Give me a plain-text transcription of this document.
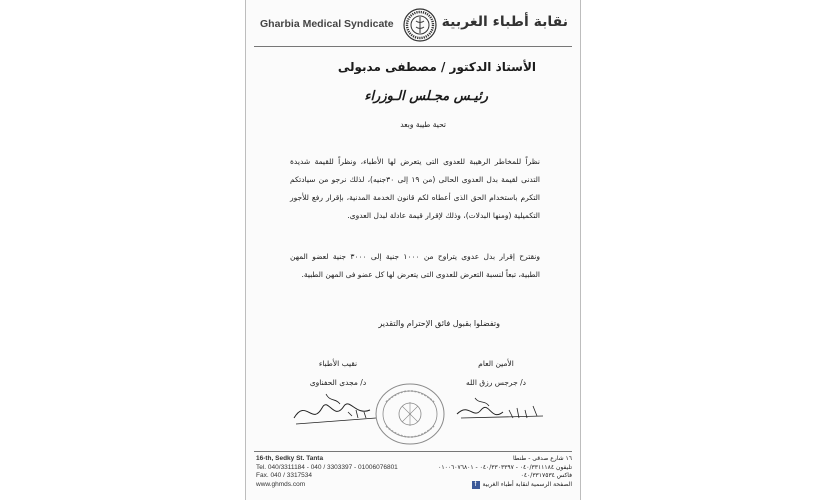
Gharbia Medical Syndicate	نقابة أطباء الغربية
الأستاذ الدكتور / مصطفى مدبولى
رئيـس مجـلس الـوزراء
تحية طيبة وبعد
نظراً للمخاطر الرهيبة للعدوى التى يتعرض لها الأطباء، ونظراً للقيمة شديدة التدنى لقيمة بدل العدوى الحالى (من ١٩ إلى ٣٠جنيه)، لذلك نرجو من سيادتكم التكرم باستخدام الحق الذى أعطاه لكم قانون الخدمة المدنية، بإقرار رفع للأجور التكميلية (ومنها البدلات)، وذلك لإقرار قيمة عادلة لبدل العدوى.
ونقترح إقرار بدل عدوى يتراوح من ١٠٠٠ جنية إلى ٣٠٠٠ جنية لعضو المهن الطبية، تبعاً لنسبة التعرض للعدوى التى يتعرض لها كل عضو فى المهن الطبية.
وتفضلوا بقبول فائق الإحترام والتقدير
نقيب الأطباء
د/ مجدى الحفناوى
الأمين العام
د/ جرجس رزق الله
16-th, Sedky St. Tanta
Tel. 040/3311184 - 040 / 3303397 - 01006076801
Fax. 040 / 3317534
www.ghmds.com
١٦ شارع صدقى - طنطا
تليفون ٠٤٠/٣٣١١١٨٤ - ٠٤٠/٣٣٠٣٣٩٧ - ٠١٠٠٦٠٧٦٨٠١
فاكس ٠٤٠/٣٣١٧٥٣٤
الصفحة الرسمية لنقابة أطباء الغربية
f
